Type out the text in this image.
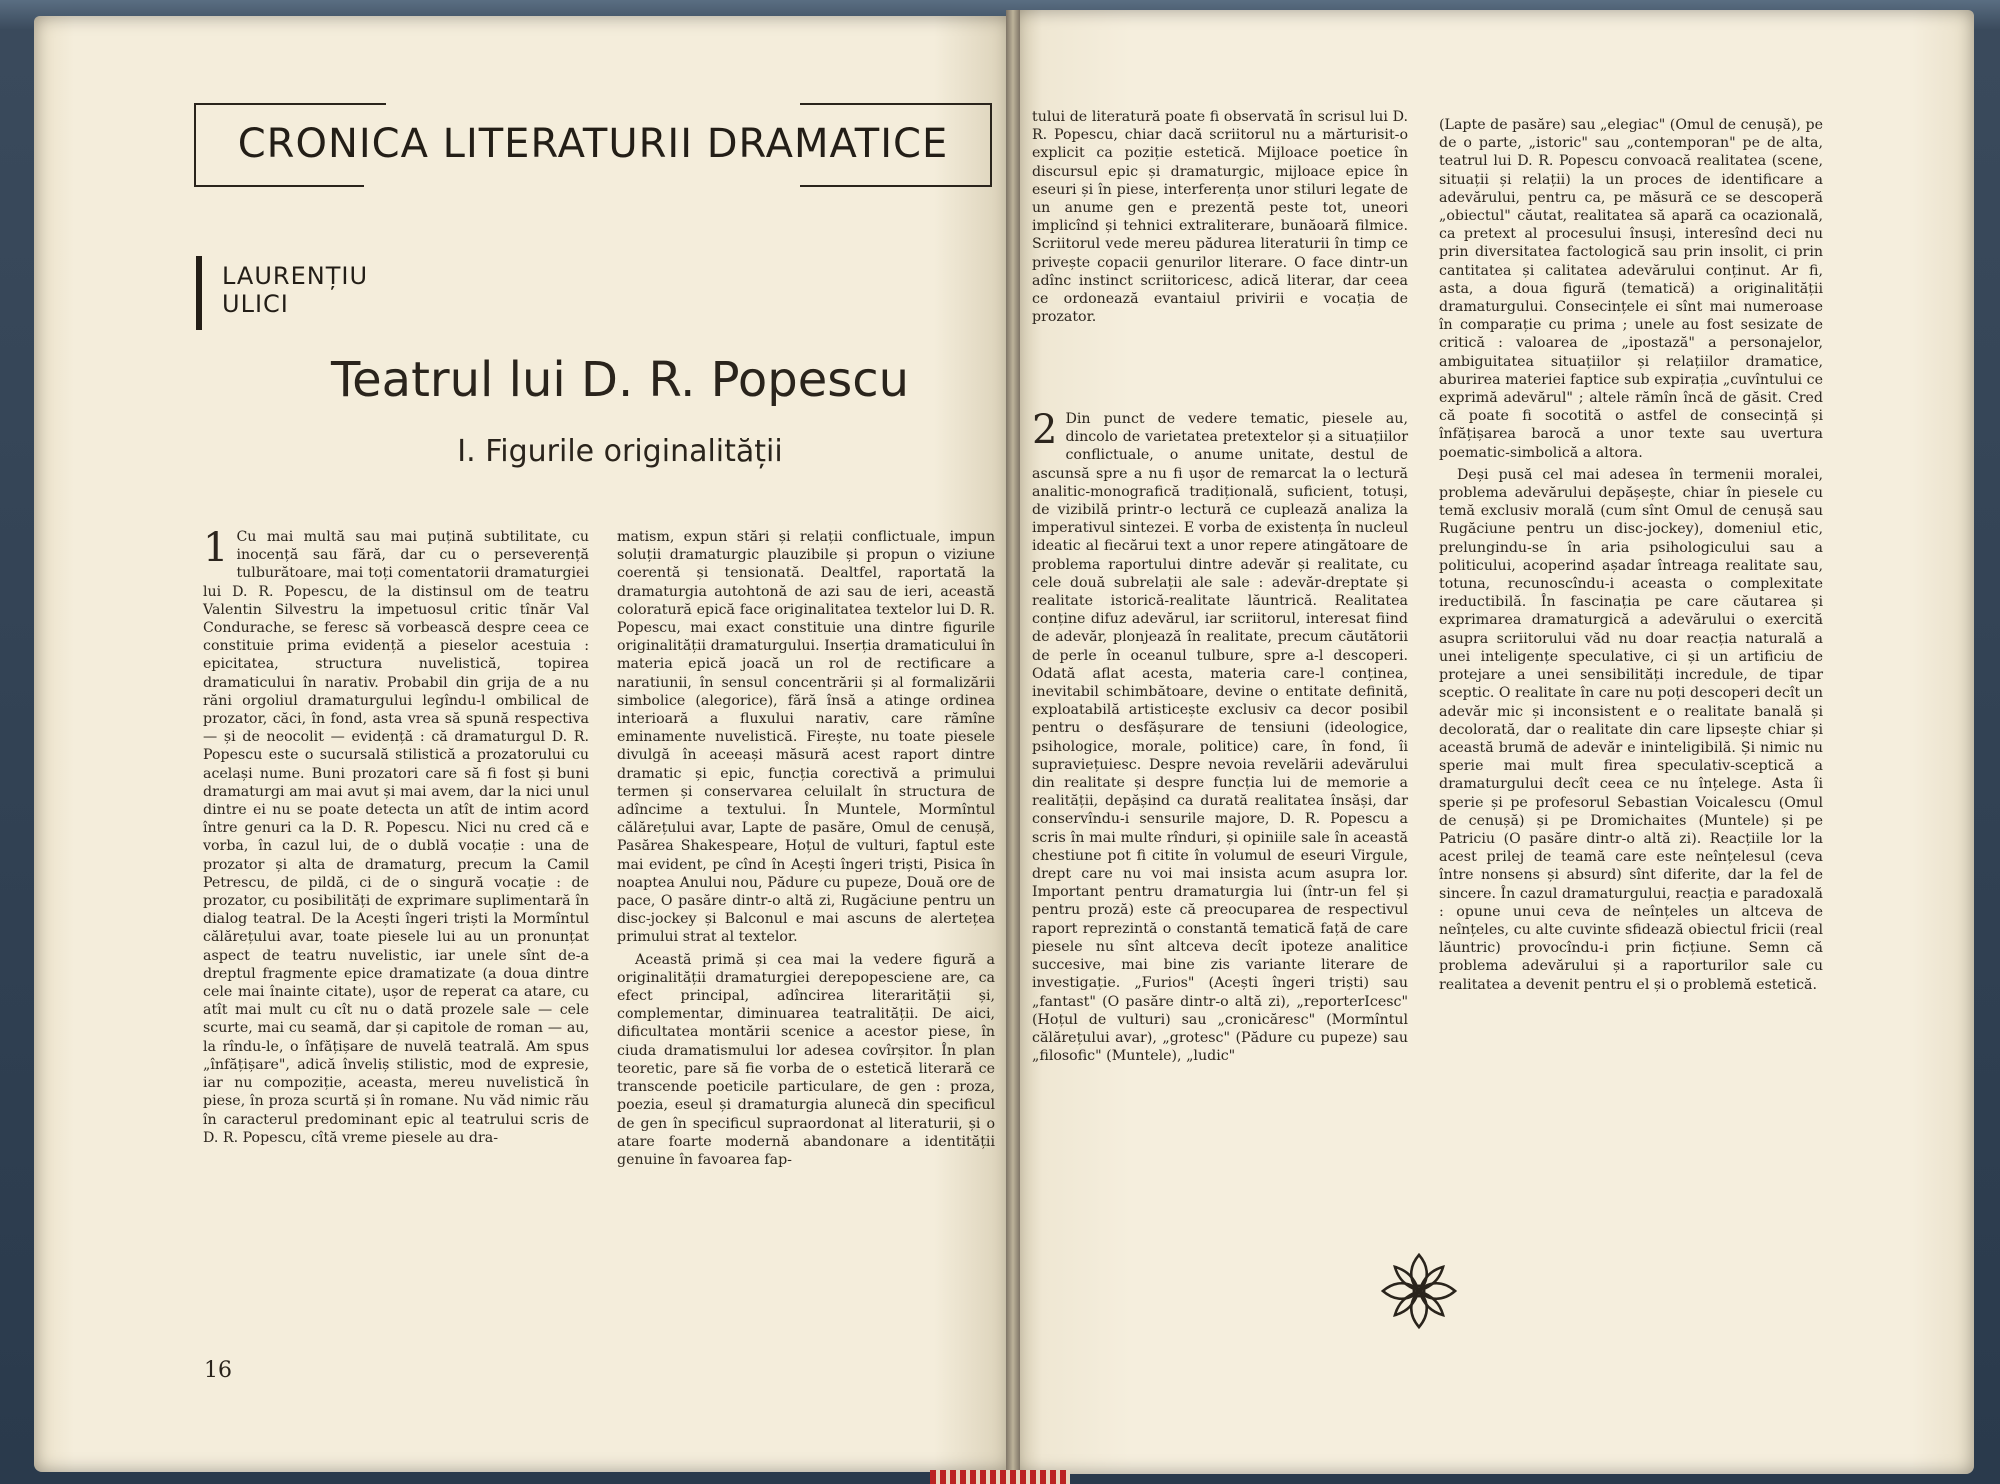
CRONICA LITERATURII DRAMATICE
LAURENȚIU
ULICI
Teatrul lui D. R. Popescu
I. Figurile originalității
1 Cu mai multă sau mai puțină subtilitate, cu inocență sau fără, dar cu o perseverență tulburătoare, mai toți comentatorii dramaturgiei lui D. R. Popescu, de la distinsul om de teatru Valentin Silvestru la impetuosul critic tînăr Val Condurache, se feresc să vorbească despre ceea ce constituie prima evidență a pieselor acestuia : epicitatea, structura nuvelistică, topirea dramaticului în narativ. Probabil din grija de a nu răni orgoliul dramaturgului legîndu-l ombilical de prozator, căci, în fond, asta vrea să spună respectiva — și de neocolit — evidență : că dramaturgul D. R. Popescu este o sucursală stilistică a prozatorului cu același nume. Buni prozatori care să fi fost și buni dramaturgi am mai avut și mai avem, dar la nici unul dintre ei nu se poate detecta un atît de intim acord între genuri ca la D. R. Popescu. Nici nu cred că e vorba, în cazul lui, de o dublă vocație : una de prozator și alta de dramaturg, precum la Camil Petrescu, de pildă, ci de o singură vocație : de prozator, cu posibilități de exprimare suplimentară în dialog teatral. De la Acești îngeri triști la Mormîntul călărețului avar, toate piesele lui au un pronunțat aspect de teatru nuvelistic, iar unele sînt de-a dreptul fragmente epice dramatizate (a doua dintre cele mai înainte citate), ușor de reperat ca atare, cu atît mai mult cu cît nu o dată prozele sale — cele scurte, mai cu seamă, dar și capitole de roman — au, la rîndu-le, o înfățișare de nuvelă teatrală. Am spus „înfățișare", adică înveliș stilistic, mod de expresie, iar nu compoziție, aceasta, mereu nuvelistică în piese, în proza scurtă și în romane. Nu văd nimic rău în caracterul predominant epic al teatrului scris de D. R. Popescu, cîtă vreme piesele au dra-

matism, expun stări și relații conflictuale, impun soluții dramaturgic plauzibile și propun o viziune coerentă și tensionată. Dealtfel, raportată la dramaturgia autohtonă de azi sau de ieri, această coloratură epică face originalitatea textelor lui D. R. Popescu, mai exact constituie una dintre figurile originalității dramaturgului. Inserția dramaticului în materia epică joacă un rol de rectificare a naratiunii, în sensul concentrării și al formalizării simbolice (alegorice), fără însă a atinge ordinea interioară a fluxului narativ, care rămîne eminamente nuvelistică. Firește, nu toate piesele divulgă în aceeași măsură acest raport dintre dramatic și epic, funcția corectivă a primului termen și conservarea celuilalt în structura de adîncime a textului. În Muntele, Mormîntul călărețului avar, Lapte de pasăre, Omul de cenușă, Pasărea Shakespeare, Hoțul de vulturi, faptul este mai evident, pe cînd în Acești îngeri triști, Pisica în noaptea Anului nou, Pădure cu pupeze, Două ore de pace, O pasăre dintr-o altă zi, Rugăciune pentru un disc-jockey și Balconul e mai ascuns de alertețea primului strat al textelor.

Această primă și cea mai la vedere figură a originalității dramaturgiei derepopesciene are, ca efect principal, adîncirea literarității și, complementar, diminuarea teatralității. De aici, dificultatea montării scenice a acestor piese, în ciuda dramatismului lor adesea covîrșitor. În plan teoretic, pare să fie vorba de o estetică literară ce transcende poeticile particulare, de gen : proza, poezia, eseul și dramaturgia alunecă din specificul de gen în specificul supraordonat al literaturii, și o atare foarte modernă abandonare a identității genuine în favoarea fap-

tului de literatură poate fi observată în scrisul lui D. R. Popescu, chiar dacă scriitorul nu a mărturisit-o explicit ca poziție estetică. Mijloace poetice în discursul epic și dramaturgic, mijloace epice în eseuri și în piese, interferența unor stiluri legate de un anume gen e prezentă peste tot, uneori implicînd și tehnici extraliterare, bunăoară filmice. Scriitorul vede mereu pădurea literaturii în timp ce privește copacii genurilor literare. O face dintr-un adînc instinct scriitoricesc, adică literar, dar ceea ce ordonează evantaiul privirii e vocația de prozator.

2 Din punct de vedere tematic, piesele au, dincolo de varietatea pretextelor și a situațiilor conflictuale, o anume unitate, destul de ascunsă spre a nu fi ușor de remarcat la o lectură analitic-monografică tradițională, suficient, totuși, de vizibilă printr-o lectură ce cuplează analiza la imperativul sintezei. E vorba de existența în nucleul ideatic al fiecărui text a unor repere atingătoare de problema raportului dintre adevăr și realitate, cu cele două subrelații ale sale : adevăr-dreptate și realitate istorică-realitate lăuntrică. Realitatea conține difuz adevărul, iar scriitorul, interesat fiind de adevăr, plonjează în realitate, precum căutătorii de perle în oceanul tulbure, spre a-l descoperi. Odată aflat acesta, materia care-l conținea, inevitabil schimbătoare, devine o entitate definită, exploatabilă artisticește exclusiv ca decor posibil pentru o desfășurare de tensiuni (ideologice, psihologice, morale, politice) care, în fond, îi supraviețuiesc. Despre nevoia revelării adevărului din realitate și despre funcția lui de memorie a realității, depășind ca durată realitatea însăși, dar conservîndu-i sensurile majore, D. R. Popescu a scris în mai multe rînduri, și opiniile sale în această chestiune pot fi citite în volumul de eseuri Virgule, drept care nu voi mai insista acum asupra lor. Important pentru dramaturgia lui (într-un fel și pentru proză) este că preocuparea de respectivul raport reprezintă o constantă tematică față de care piesele nu sînt altceva decît ipoteze analitice succesive, mai bine zis variante literare de investigație. „Furios" (Acești îngeri triști) sau „fantast" (O pasăre dintr-o altă zi), „reporterIcesc" (Hoțul de vulturi) sau „cronicăresc" (Mormîntul călărețului avar), „grotesc" (Pădure cu pupeze) sau „filosofic" (Muntele), „ludic"

(Lapte de pasăre) sau „elegiac" (Omul de cenușă), pe de o parte, „istoric" sau „contemporan" pe de alta, teatrul lui D. R. Popescu convoacă realitatea (scene, situații și relații) la un proces de identificare a adevărului, pentru ca, pe măsură ce se descoperă „obiectul" căutat, realitatea să apară ca ocazională, ca pretext al procesului însuși, interesînd deci nu prin diversitatea factologică sau prin insolit, ci prin cantitatea și calitatea adevărului conținut. Ar fi, asta, a doua figură (tematică) a originalității dramaturgului. Consecințele ei sînt mai numeroase în comparație cu prima ; unele au fost sesizate de critică : valoarea de „ipostază" a personajelor, ambiguitatea situațiilor și relațiilor dramatice, aburirea materiei faptice sub expirația „cuvîntului ce exprimă adevărul" ; altele rămîn încă de găsit. Cred că poate fi socotită o astfel de consecință și înfățișarea barocă a unor texte sau uvertura poematic-simbolică a altora.

Deși pusă cel mai adesea în termenii moralei, problema adevărului depășește, chiar în piesele cu temă exclusiv morală (cum sînt Omul de cenușă sau Rugăciune pentru un disc-jockey), domeniul etic, prelungindu-se în aria psihologicului sau a politicului, acoperind așadar întreaga realitate sau, totuna, recunoscîndu-i aceasta o complexitate ireductibilă. În fascinația pe care căutarea și exprimarea dramaturgică a adevărului o exercită asupra scriitorului văd nu doar reacția naturală a unei inteligențe speculative, ci și un artificiu de protejare a unei sensibilități incredule, de tipar sceptic. O realitate în care nu poți descoperi decît un adevăr mic și inconsistent e o realitate banală și decolorată, dar o realitate din care lipsește chiar și această brumă de adevăr e ininteligibilă. Și nimic nu sperie mai mult firea speculativ-sceptică a dramaturgului decît ceea ce nu înțelege. Asta îi sperie și pe profesorul Sebastian Voicalescu (Omul de cenușă) și pe Dromichaites (Muntele) și pe Patriciu (O pasăre dintr-o altă zi). Reacțiile lor la acest prilej de teamă care este neînțelesul (ceva între nonsens și absurd) sînt diferite, dar la fel de sincere. În cazul dramaturgului, reacția e paradoxală : opune unui ceva de neînțeles un altceva de neînțeles, cu alte cuvinte sfidează obiectul fricii (real lăuntric) provocîndu-i prin ficțiune. Semn că problema adevărului și a raporturilor sale cu realitatea a devenit pentru el și o problemă estetică.

16
